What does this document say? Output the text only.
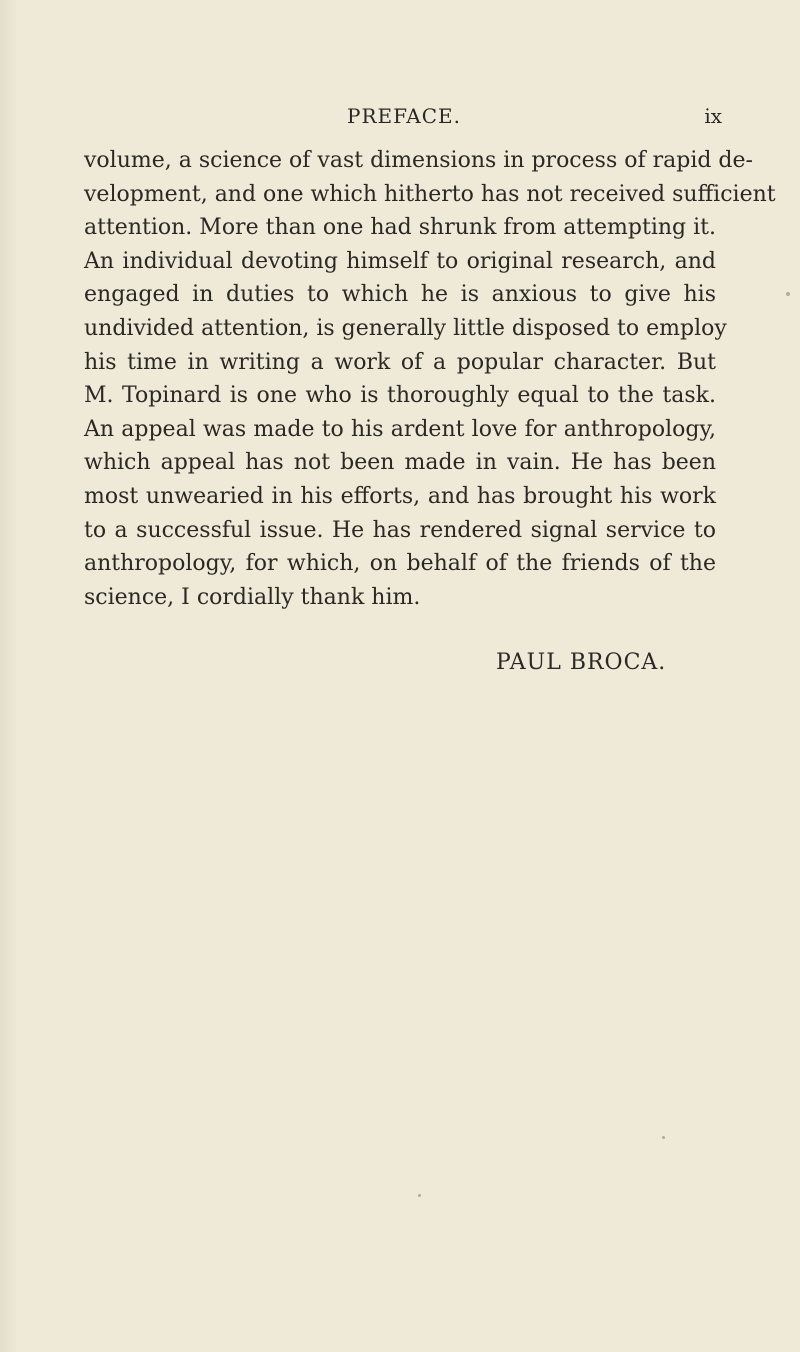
PREFACE.	ix
volume, a science of vast dimensions in process of rapid de-
velopment, and one which hitherto has not received sufficient
attention. More than one had shrunk from attempting it.
An individual devoting himself to original research, and
engaged in duties to which he is anxious to give his
undivided attention, is generally little disposed to employ
his time in writing a work of a popular character. But
M. Topinard is one who is thoroughly equal to the task.
An appeal was made to his ardent love for anthropology,
which appeal has not been made in vain. He has been
most unwearied in his efforts, and has brought his work
to a successful issue. He has rendered signal service to
anthropology, for which, on behalf of the friends of the
science, I cordially thank him.
PAUL BROCA.
